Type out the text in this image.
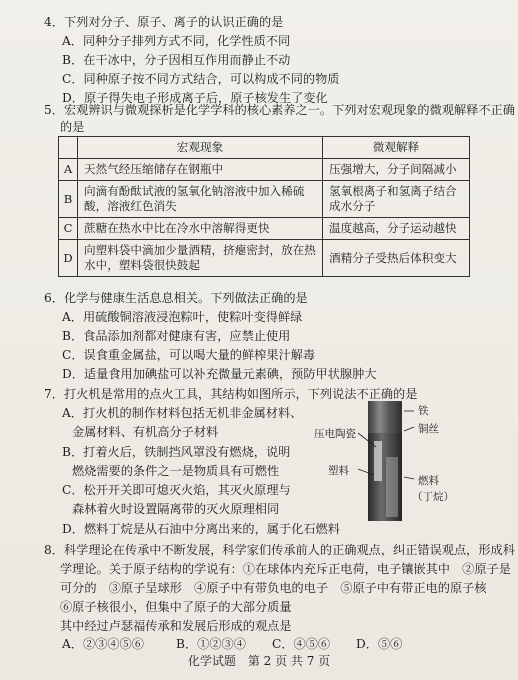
4．下列对分子、原子、离子的认识正确的是
A．同种分子排列方式不同，化学性质不同
B．在干冰中，分子因相互作用而静止不动
C．同种原子按不同方式结合，可以构成不同的物质
D．原子得失电子形成离子后，原子核发生了变化
5．宏观辨识与微观探析是化学学科的核心素养之一。下列对宏观现象的微观解释不正确
的是
	宏观现象	微观解释
A	天然气经压缩储存在钢瓶中	压强增大，分子间隔减小
B	向滴有酚酞试液的氢氧化钠溶液中加入稀硫酸，溶液红色消失	氢氧根离子和氢离子结合成水分子
C	蔗糖在热水中比在冷水中溶解得更快	温度越高，分子运动越快
D	向塑料袋中滴加少量酒精，挤瘪密封，放在热水中，塑料袋很快鼓起	酒精分子受热后体积变大
6．化学与健康生活息息相关。下列做法正确的是
A．用硫酸铜溶液浸泡粽叶，使粽叶变得鲜绿
B．食品添加剂都对健康有害，应禁止使用
C．误食重金属盐，可以喝大量的鲜榨果汁解毒
D．适量食用加碘盐可以补充微量元素碘，预防甲状腺肿大
7．打火机是常用的点火工具，其结构如图所示，下列说法不正确的是
A．打火机的制作材料包括无机非金属材料、
金属材料、有机高分子材料
B．打着火后，铁制挡风罩没有燃烧，说明
燃烧需要的条件之一是物质具有可燃性
C．松开开关即可熄灭火焰，其灭火原理与
森林着火时设置隔离带的灭火原理相同
D．燃料丁烷是从石油中分离出来的，属于化石燃料
铁
铜丝
压电陶瓷
塑料
燃料
（丁烷）
8．科学理论在传承中不断发展，科学家们传承前人的正确观点，纠正错误观点，形成科
学理论。关于原子结构的学说有：①在球体内充斥正电荷，电子镶嵌其中　②原子是
可分的　③原子呈球形　④原子中有带负电的电子　⑤原子中有带正电的原子核
⑥原子核很小，但集中了原子的大部分质量
其中经过卢瑟福传承和发展后形成的观点是
A．②③④⑤⑥	B．①②③④ C．④⑤⑥ D．⑤⑥
化学试题　第 2 页 共 7 页
